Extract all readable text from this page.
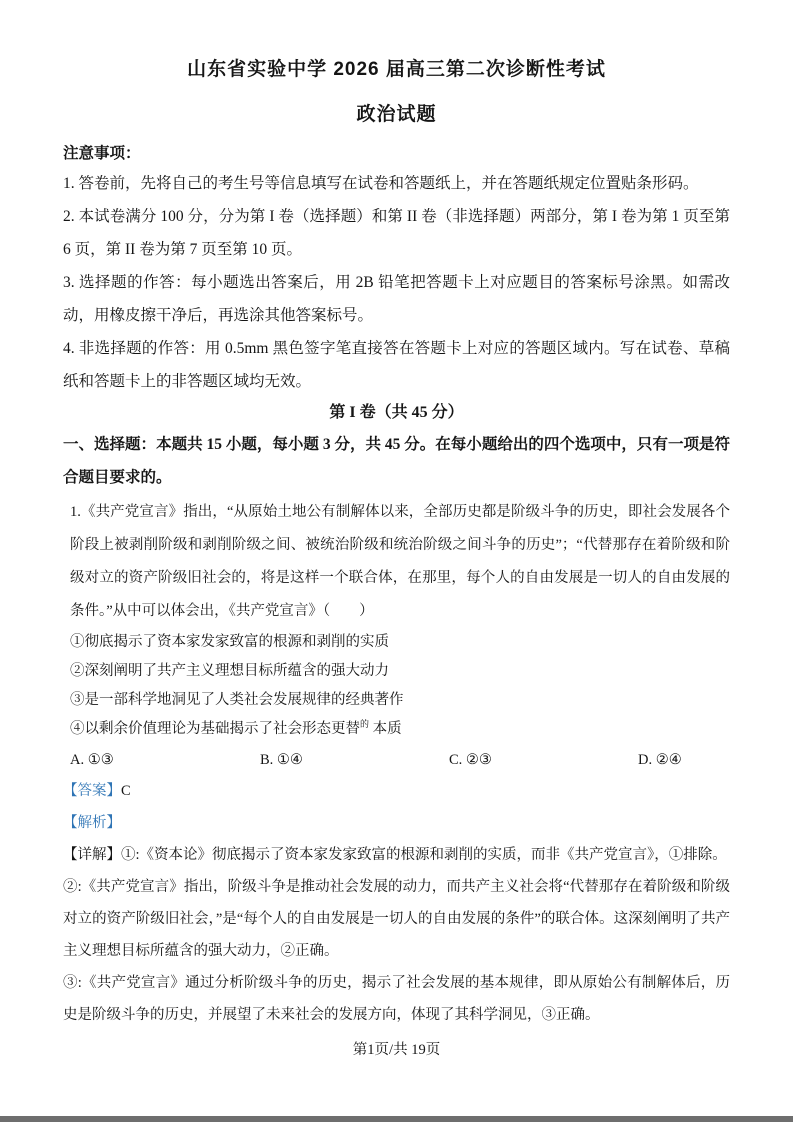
山东省实验中学 2026 届高三第二次诊断性考试
政治试题
注意事项：

1. 答卷前，先将自己的考生号等信息填写在试卷和答题纸上，并在答题纸规定位置贴条形码。

2. 本试卷满分 100 分，分为第 I 卷（选择题）和第 II 卷（非选择题）两部分，第 I 卷为第 1 页至第 6 页，第 II 卷为第 7 页至第 10 页。

3. 选择题的作答：每小题选出答案后，用 2B 铅笔把答题卡上对应题目的答案标号涂黑。如需改动，用橡皮擦干净后，再选涂其他答案标号。

4. 非选择题的作答：用 0.5mm 黑色签字笔直接答在答题卡上对应的答题区域内。写在试卷、草稿纸和答题卡上的非答题区域均无效。

第 I 卷（共 45 分）

一、选择题：本题共 15 小题，每小题 3 分，共 45 分。在每小题给出的四个选项中，只有一项是符合题目要求的。

1.《共产党宣言》指出，“从原始土地公有制解体以来，全部历史都是阶级斗争的历史，即社会发展各个阶段上被剥削阶级和剥削阶级之间、被统治阶级和统治阶级之间斗争的历史”；“代替那存在着阶级和阶级对立的资产阶级旧社会的，将是这样一个联合体，在那里，每个人的自由发展是一切人的自由发展的条件。”从中可以体会出，《共产党宣言》（　　）

①彻底揭示了资本家发家致富的根源和剥削的实质
②深刻阐明了共产主义理想目标所蕴含的强大动力
③是一部科学地洞见了人类社会发展规律的经典著作
④以剩余价值理论为基础揭示了社会形态更替$^的$ 本质
A. ①③	B. ①④	C. ②③	D. ②④

【答案】C

【解析】

【详解】①:《资本论》彻底揭示了资本家发家致富的根源和剥削的实质，而非《共产党宣言》，①排除。

②:《共产党宣言》指出，阶级斗争是推动社会发展的动力，而共产主义社会将“代替那存在着阶级和阶级对立的资产阶级旧社会，”是“每个人的自由发展是一切人的自由发展的条件”的联合体。这深刻阐明了共产主义理想目标所蕴含的强大动力，②正确。

③:《共产党宣言》通过分析阶级斗争的历史，揭示了社会发展的基本规律，即从原始公有制解体后，历史是阶级斗争的历史，并展望了未来社会的发展方向，体现了其科学洞见，③正确。

第1页/共 19页
